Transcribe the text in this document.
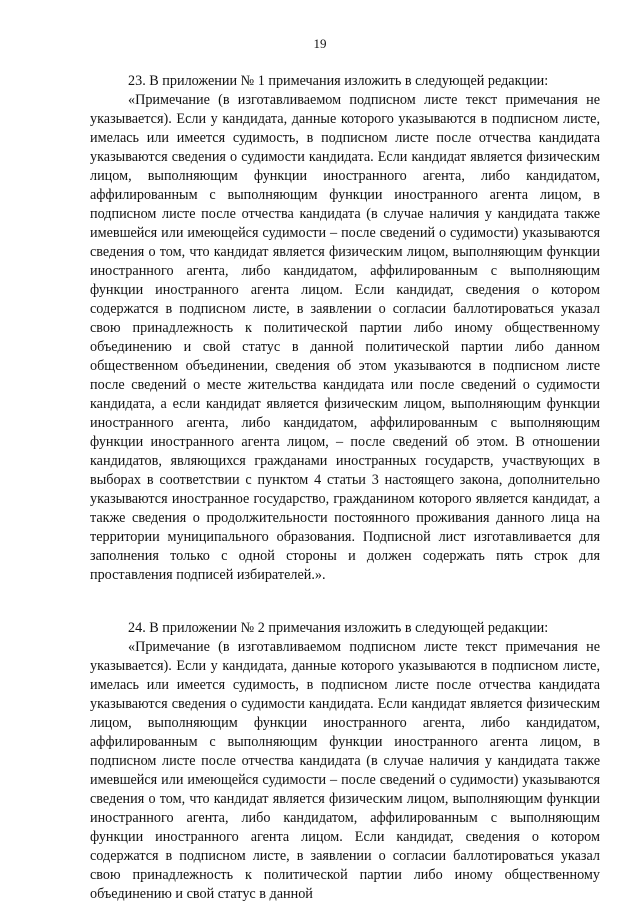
19

23. В приложении № 1 примечания изложить в следующей редакции:

«Примечание (в изготавливаемом подписном листе текст примечания не указывается). Если у кандидата, данные которого указываются в подписном листе, имелась или имеется судимость, в подписном листе после отчества кандидата указываются сведения о судимости кандидата. Если кандидат является физическим лицом, выполняющим функции иностранного агента, либо кандидатом, аффилированным с выполняющим функции иностранного агента лицом, в подписном листе после отчества кандидата (в случае наличия у кандидата также имевшейся или имеющейся судимости – после сведений о судимости) указываются сведения о том, что кандидат является физическим лицом, выполняющим функции иностранного агента, либо кандидатом, аффилированным с выполняющим функции иностранного агента лицом. Если кандидат, сведения о котором содержатся в подписном листе, в заявлении о согласии баллотироваться указал свою принадлежность к политической партии либо иному общественному объединению и свой статус в данной политической партии либо данном общественном объединении, сведения об этом указываются в подписном листе после сведений о месте жительства кандидата или после сведений о судимости кандидата, а если кандидат является физическим лицом, выполняющим функции иностранного агента, либо кандидатом, аффилированным с выполняющим функции иностранного агента лицом, – после сведений об этом. В отношении кандидатов, являющихся гражданами иностранных государств, участвующих в выборах в соответствии с пунктом 4 статьи 3 настоящего закона, дополнительно указываются иностранное государство, гражданином которого является кандидат, а также сведения о продолжительности постоянного проживания данного лица на территории муниципального образования. Подписной лист изготавливается для заполнения только с одной стороны и должен содержать пять строк для проставления подписей избирателей.».

24. В приложении № 2 примечания изложить в следующей редакции:

«Примечание (в изготавливаемом подписном листе текст примечания не указывается). Если у кандидата, данные которого указываются в подписном листе, имелась или имеется судимость, в подписном листе после отчества кандидата указываются сведения о судимости кандидата. Если кандидат является физическим лицом, выполняющим функции иностранного агента, либо кандидатом, аффилированным с выполняющим функции иностранного агента лицом, в подписном листе после отчества кандидата (в случае наличия у кандидата также имевшейся или имеющейся судимости – после сведений о судимости) указываются сведения о том, что кандидат является физическим лицом, выполняющим функции иностранного агента, либо кандидатом, аффилированным с выполняющим функции иностранного агента лицом. Если кандидат, сведения о котором содержатся в подписном листе, в заявлении о согласии баллотироваться указал свою принадлежность к политической партии либо иному общественному объединению и свой статус в данной
